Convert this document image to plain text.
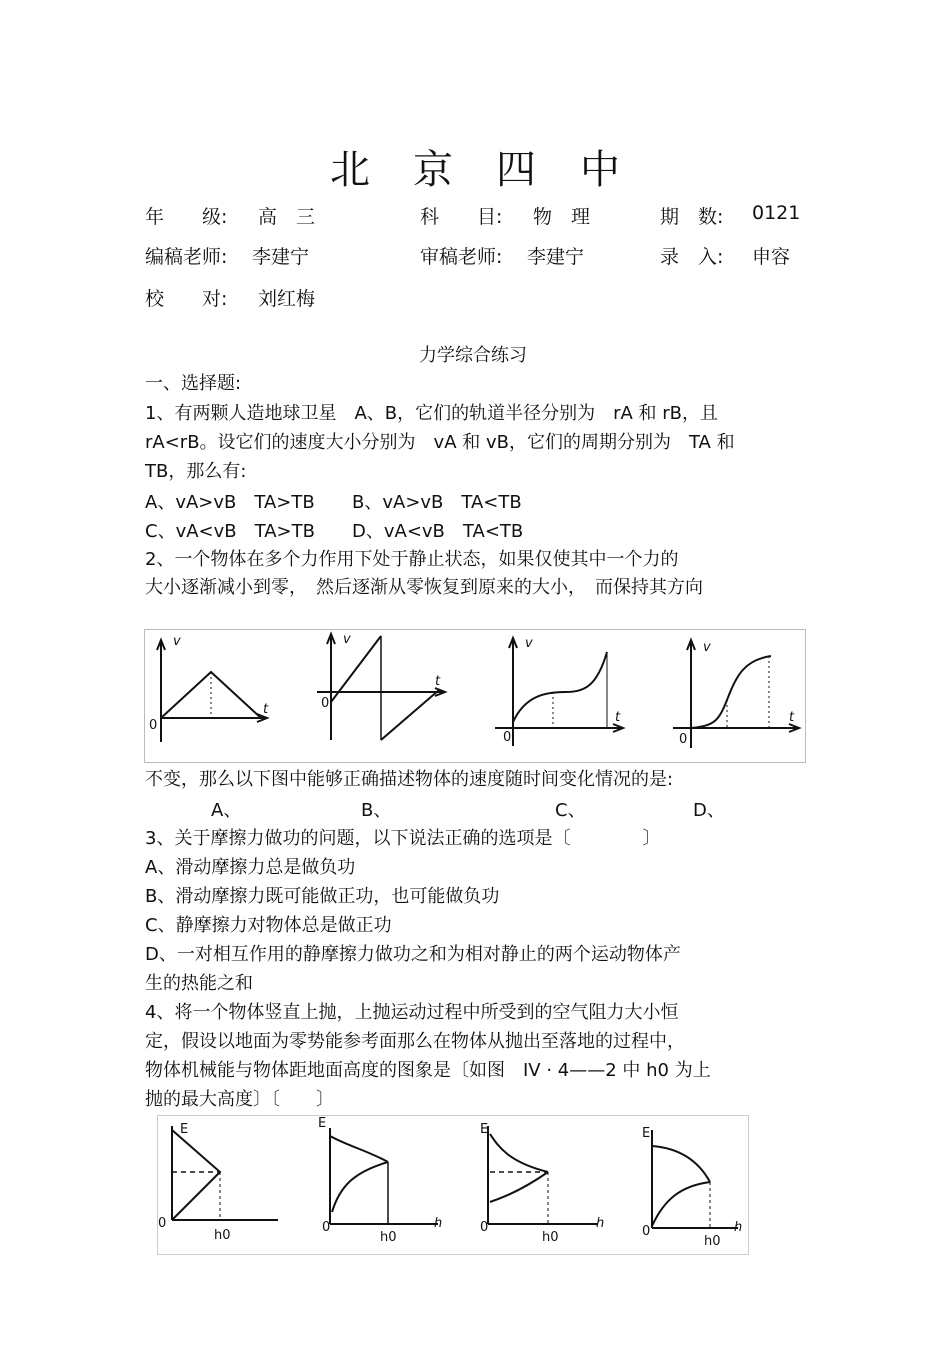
北 京 四 中
年　　级: 高　三	科　　目: 物　理	期　数: 0121
编稿老师: 李建宁	审稿老师: 李建宁	录　入: 申容
校　　对: 刘红梅
力学综合练习
一、选择题:
1、有两颗人造地球卫星　A、B，它们的轨道半径分别为　rA 和 rB，且
rA<rB。设它们的速度大小分别为　vA 和 vB，它们的周期分别为　TA 和
TB，那么有:
A、vA>vB　TA>TB B、vA>vB　TA<TB
C、vA<vB　TA>TB D、vA<vB　TA<TB
2、一个物体在多个力作用下处于静止状态，如果仅使其中一个力的
大小逐渐减小到零，　然后逐渐从零恢复到原来的大小，　而保持其方向
v
t
0
v
t
0
v
t
0
v
t
0
不变，那么以下图中能够正确描述物体的速度随时间变化情况的是:
A、	B、	C、	D、
3、关于摩擦力做功的问题，以下说法正确的选项是〔　　　　〕
A、滑动摩擦力总是做负功
B、滑动摩擦力既可能做正功，也可能做负功
C、静摩擦力对物体总是做正功
D、一对相互作用的静摩擦力做功之和为相对静止的两个运动物体产
生的热能之和
4、将一个物体竖直上抛，上抛运动过程中所受到的空气阻力大小恒
定，假设以地面为零势能参考面那么在物体从抛出至落地的过程中，
物体机械能与物体距地面高度的图象是〔如图　IV · 4——2 中 h0 为上
抛的最大高度〕〔　　〕
E
0
h0
E
h
0
h0
E
h
0
h0
E
h
0
h0
